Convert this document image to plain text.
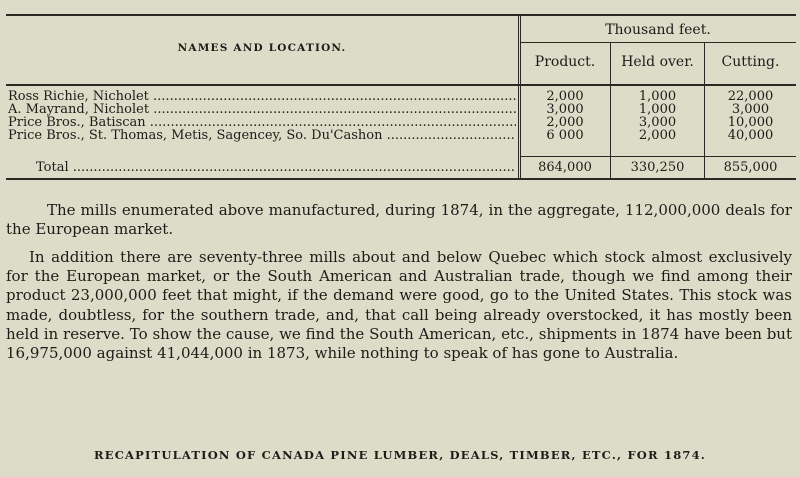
NAMES AND LOCATION.
Thousand feet.
Product.	Held over.	Cutting.
Ross Richie, Nicholet .....	2,000	1,000	22,000
A. Mayrand, Nicholet .....	3,000	1,000	3,000
Price Bros., Batiscan .....	2,000	3,000	10,000
Price Bros., St. Thomas, Metis, Sagencey, So. Du'Cashon .....	6 000	2,000	40,000
Total .....	864,000	330,250	855,000
The mills enumerated above manufactured, during 1874, in the aggregate, 112,000,000 deals for the European market.
In addition there are seventy-three mills about and below Quebec which stock almost exclusively for the European market, or the South American and Australian trade, though we find among their product 23,000,000 feet that might, if the demand were good, go to the United States. This stock was made, doubtless, for the southern trade, and, that call being already overstocked, it has mostly been held in reserve. To show the cause, we find the South American, etc., shipments in 1874 have been but 16,975,000 against 41,044,000 in 1873, while nothing to speak of has gone to Australia.
RECAPITULATION OF CANADA PINE LUMBER, DEALS, TIMBER, ETC., FOR 1874.
